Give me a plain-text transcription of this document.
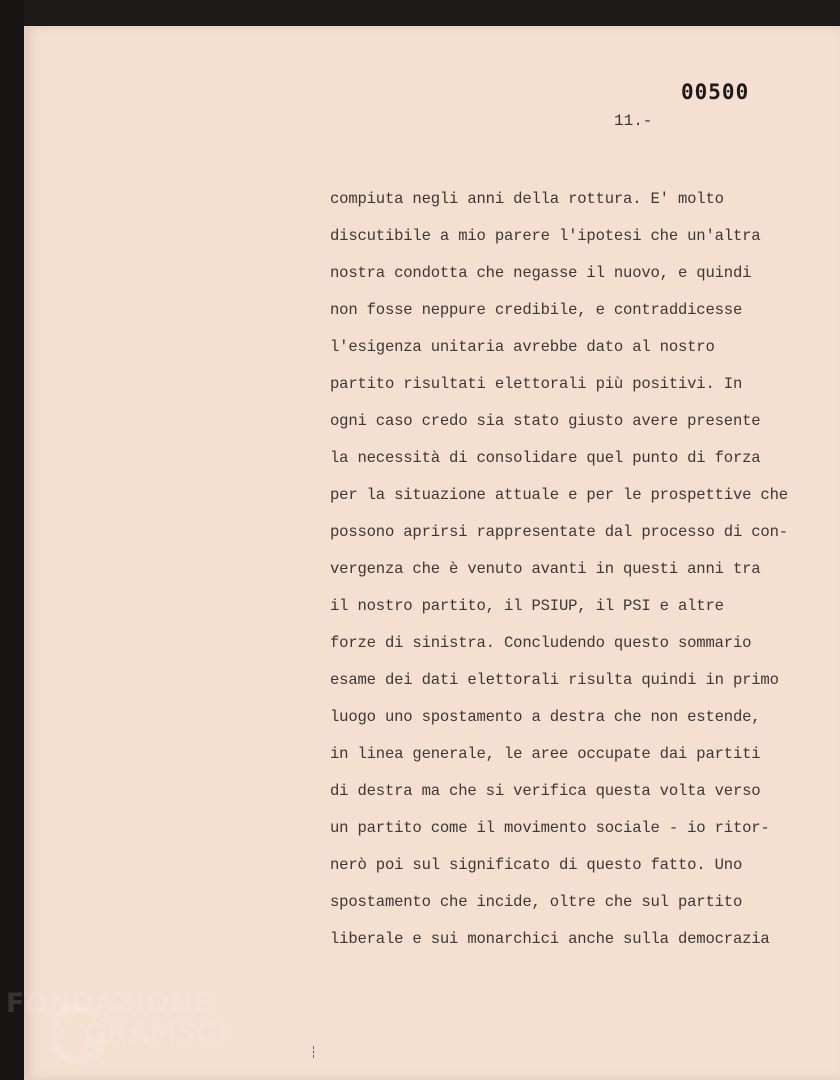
00500
11.-
compiuta negli anni della rottura. E' molto
discutibile a mio parere l'ipotesi che un'altra
nostra condotta che negasse il nuovo, e quindi
non fosse neppure credibile, e contraddicesse
l'esigenza unitaria avrebbe dato al nostro
partito risultati elettorali più positivi. In
ogni caso credo sia stato giusto avere presente
la necessità di consolidare quel punto di forza
per la situazione attuale e per le prospettive che
possono aprirsi rappresentate dal processo di con-
vergenza che è venuto avanti in questi anni tra
il nostro partito, il PSIUP, il PSI e altre
forze di sinistra. Concludendo questo sommario
esame dei dati elettorali risulta quindi in primo
luogo uno spostamento a destra che non estende,
in linea generale, le aree occupate dai partiti
di destra ma che si verifica questa volta verso
un partito come il movimento sociale - io ritor-
nerò poi sul significato di questo fatto. Uno
spostamento che incide, oltre che sul partito
liberale e sui monarchici anche sulla democrazia
FONDAZIONE
GRAMSCI
